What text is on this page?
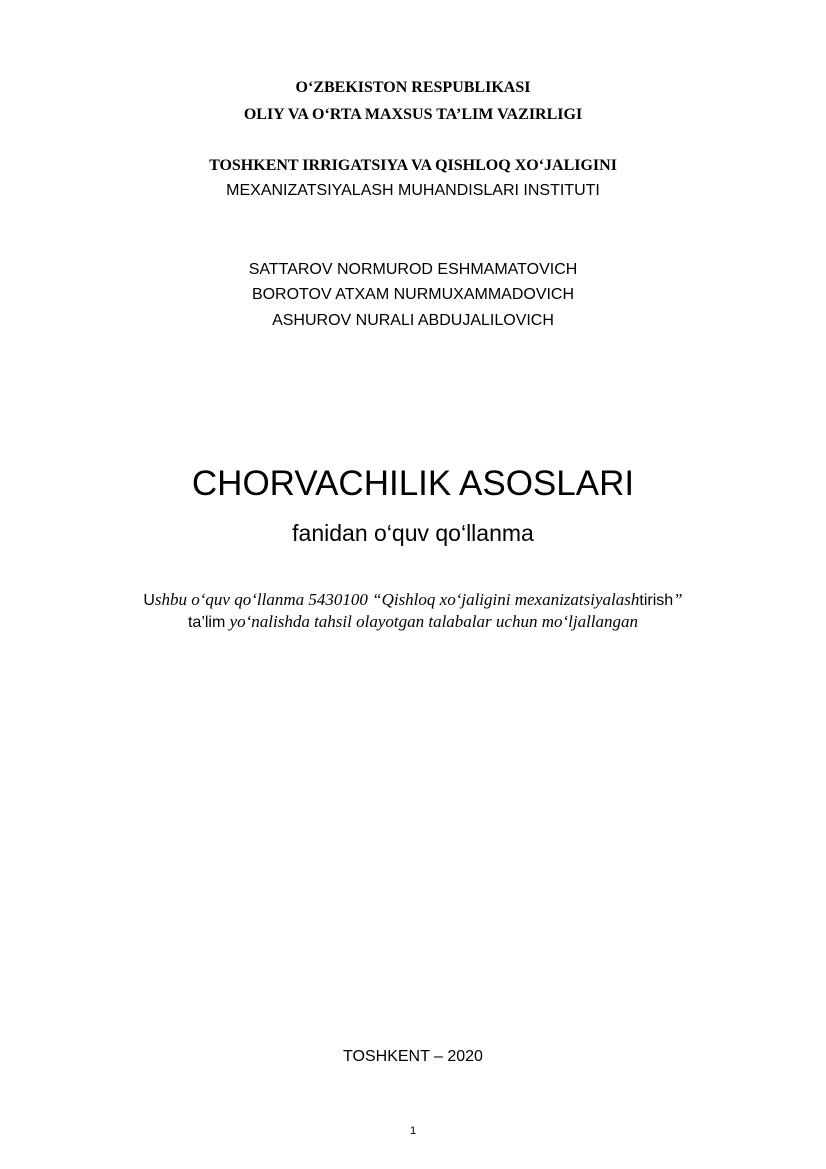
O‘ZBEKISTON RESPUBLIKASI
OLIY VA O‘RTA MAXSUS TA’LIM VAZIRLIGI
TOSHKENT IRRIGATSIYA VA QISHLOQ XO‘JALIGINI
MEXANIZATSIYALASH MUHANDISLARI INSTITUTI
SATTAROV NORMUROD ESHMAMATOVICH
BOROTOV ATXAM NURMUXAMMADOVICH
ASHUROV NURALI ABDUJALILOVICH
CHORVACHILIK ASOSLARI
fanidan o‘quv qo‘llanma
Ushbu o‘quv qo‘llanma 5430100 “Qishloq xo‘jaligini mexanizatsiyalashtirish”
ta’lim yo‘nalishda tahsil olayotgan talabalar uchun mo‘ljallangan
TOSHKENT – 2020
1
